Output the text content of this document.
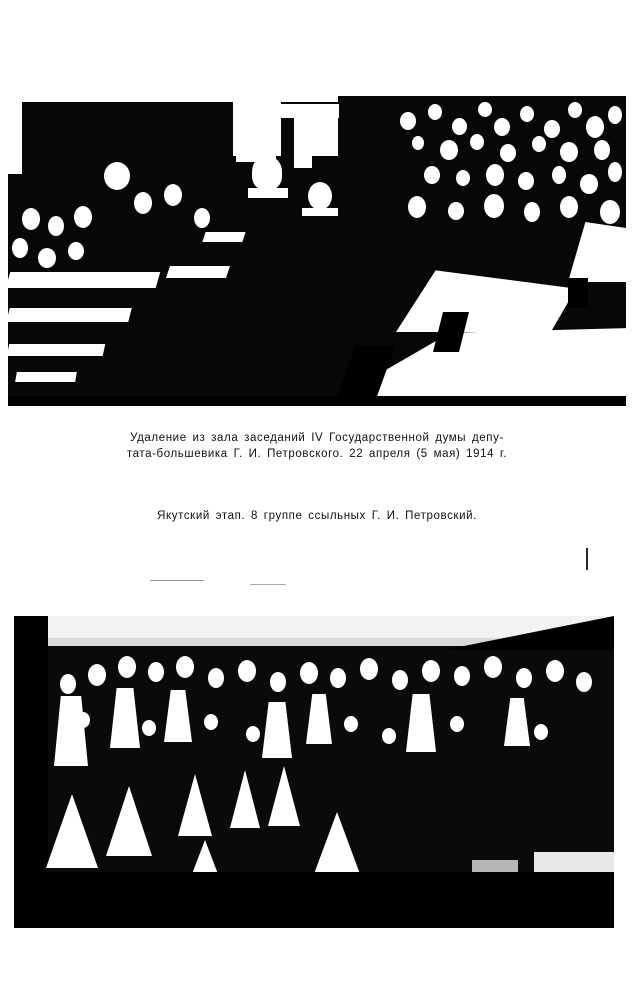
Удаление из зала заседаний IV Государственной думы депу-
тата-большевика Г. И. Петровского. 22 апреля (5 мая) 1914 г.
Якутский этап. 8 группе ссыльных Г. И. Петровский.
